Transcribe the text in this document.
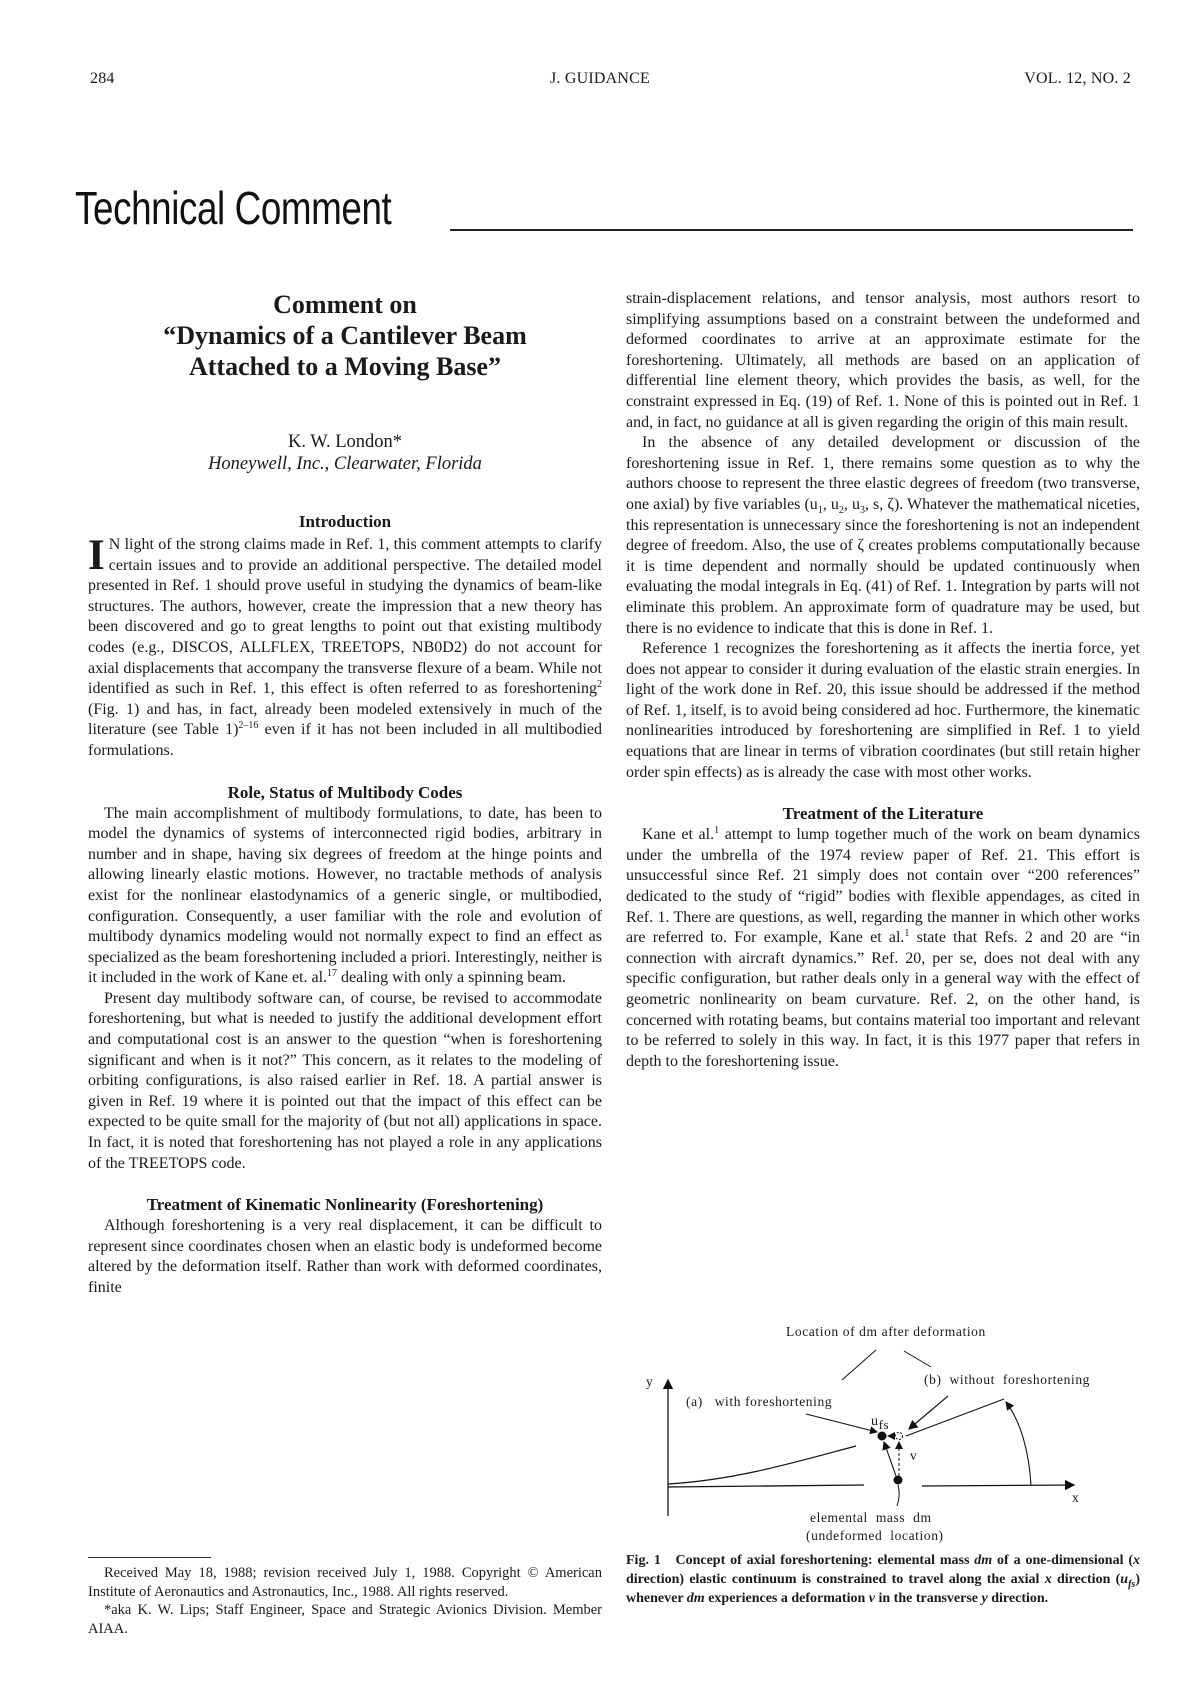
284	J. GUIDANCE	VOL. 12, NO. 2
Technical Comment

Comment on

“Dynamics of a Cantilever Beam

Attached to a Moving Base”

K. W. London*
Honeywell, Inc., Clearwater, Florida
Introduction

I N light of the strong claims made in Ref. 1, this comment attempts to clarify certain issues and to provide an additional perspective. The detailed model presented in Ref. 1 should prove useful in studying the dynamics of beam-like structures. The authors, however, create the impression that a new theory has been discovered and go to great lengths to point out that existing multibody codes (e.g., DISCOS, ALLFLEX, TREETOPS, NB0D2) do not account for axial displacements that accompany the transverse flexure of a beam. While not identified as such in Ref. 1, this effect is often referred to as foreshortening$^2$ (Fig. 1) and has, in fact, already been modeled extensively in much of the literature (see Table 1)$^{2-16}$ even if it has not been included in all multibodied formulations.

Role, Status of Multibody Codes

The main accomplishment of multibody formulations, to date, has been to model the dynamics of systems of interconnected rigid bodies, arbitrary in number and in shape, having six degrees of freedom at the hinge points and allowing linearly elastic motions. However, no tractable methods of analysis exist for the nonlinear elastodynamics of a generic single, or multibodied, configuration. Consequently, a user familiar with the role and evolution of multibody dynamics modeling would not normally expect to find an effect as specialized as the beam foreshortening included a priori. Interestingly, neither is it included in the work of Kane et. al.$^{17}$ dealing with only a spinning beam.

Present day multibody software can, of course, be revised to accommodate foreshortening, but what is needed to justify the additional development effort and computational cost is an answer to the question “when is foreshortening significant and when is it not?” This concern, as it relates to the modeling of orbiting configurations, is also raised earlier in Ref. 18. A partial answer is given in Ref. 19 where it is pointed out that the impact of this effect can be expected to be quite small for the majority of (but not all) applications in space. In fact, it is noted that foreshortening has not played a role in any applications of the TREETOPS code.

Treatment of Kinematic Nonlinearity (Foreshortening)

Although foreshortening is a very real displacement, it can be difficult to represent since coordinates chosen when an elastic body is undeformed become altered by the deformation itself. Rather than work with deformed coordinates, finite

Received May 18, 1988; revision received July 1, 1988. Copyright © American Institute of Aeronautics and Astronautics, Inc., 1988. All rights reserved.

*aka K. W. Lips; Staff Engineer, Space and Strategic Avionics Division. Member AIAA.

strain-displacement relations, and tensor analysis, most authors resort to simplifying assumptions based on a constraint between the undeformed and deformed coordinates to arrive at an approximate estimate for the foreshortening. Ultimately, all methods are based on an application of differential line element theory, which provides the basis, as well, for the constraint expressed in Eq. (19) of Ref. 1. None of this is pointed out in Ref. 1 and, in fact, no guidance at all is given regarding the origin of this main result.

In the absence of any detailed development or discussion of the foreshortening issue in Ref. 1, there remains some question as to why the authors choose to represent the three elastic degrees of freedom (two transverse, one axial) by five variables ($u_1$, $u_2$, $u_3$, s, ζ). Whatever the mathematical niceties, this representation is unnecessary since the foreshortening is not an independent degree of freedom. Also, the use of ζ creates problems computationally because it is time dependent and normally should be updated continuously when evaluating the modal integrals in Eq. (41) of Ref. 1. Integration by parts will not eliminate this problem. An approximate form of quadrature may be used, but there is no evidence to indicate that this is done in Ref. 1.

Reference 1 recognizes the foreshortening as it affects the inertia force, yet does not appear to consider it during evaluation of the elastic strain energies. In light of the work done in Ref. 20, this issue should be addressed if the method of Ref. 1, itself, is to avoid being considered ad hoc. Furthermore, the kinematic nonlinearities introduced by foreshortening are simplified in Ref. 1 to yield equations that are linear in terms of vibration coordinates (but still retain higher order spin effects) as is already the case with most other works.

Treatment of the Literature

Kane et al.$^1$ attempt to lump together much of the work on beam dynamics under the umbrella of the 1974 review paper of Ref. 21. This effort is unsuccessful since Ref. 21 simply does not contain over “200 references” dedicated to the study of “rigid” bodies with flexible appendages, as cited in Ref. 1. There are questions, as well, regarding the manner in which other works are referred to. For example, Kane et al.$^1$ state that Refs. 2 and 20 are “in connection with aircraft dynamics.” Ref. 20, per se, does not deal with any specific configuration, but rather deals only in a general way with the effect of geometric nonlinearity on beam curvature. Ref. 2, on the other hand, is concerned with rotating beams, but contains material too important and relevant to be referred to solely in this way. In fact, it is this 1977 paper that refers in depth to the foreshortening issue.

Location of dm after deformation
y
(a)   with foreshortening
(b)  without  foreshortening
$u_{fs}$
v
x
elemental  mass  dm
(undeformed  location)
Fig. 1 Concept of axial foreshortening: elemental mass dm of a one-dimensional (x direction) elastic continuum is constrained to travel along the axial x direction $(u_{fs})$ whenever dm experiences a deformation v in the transverse y direction.
